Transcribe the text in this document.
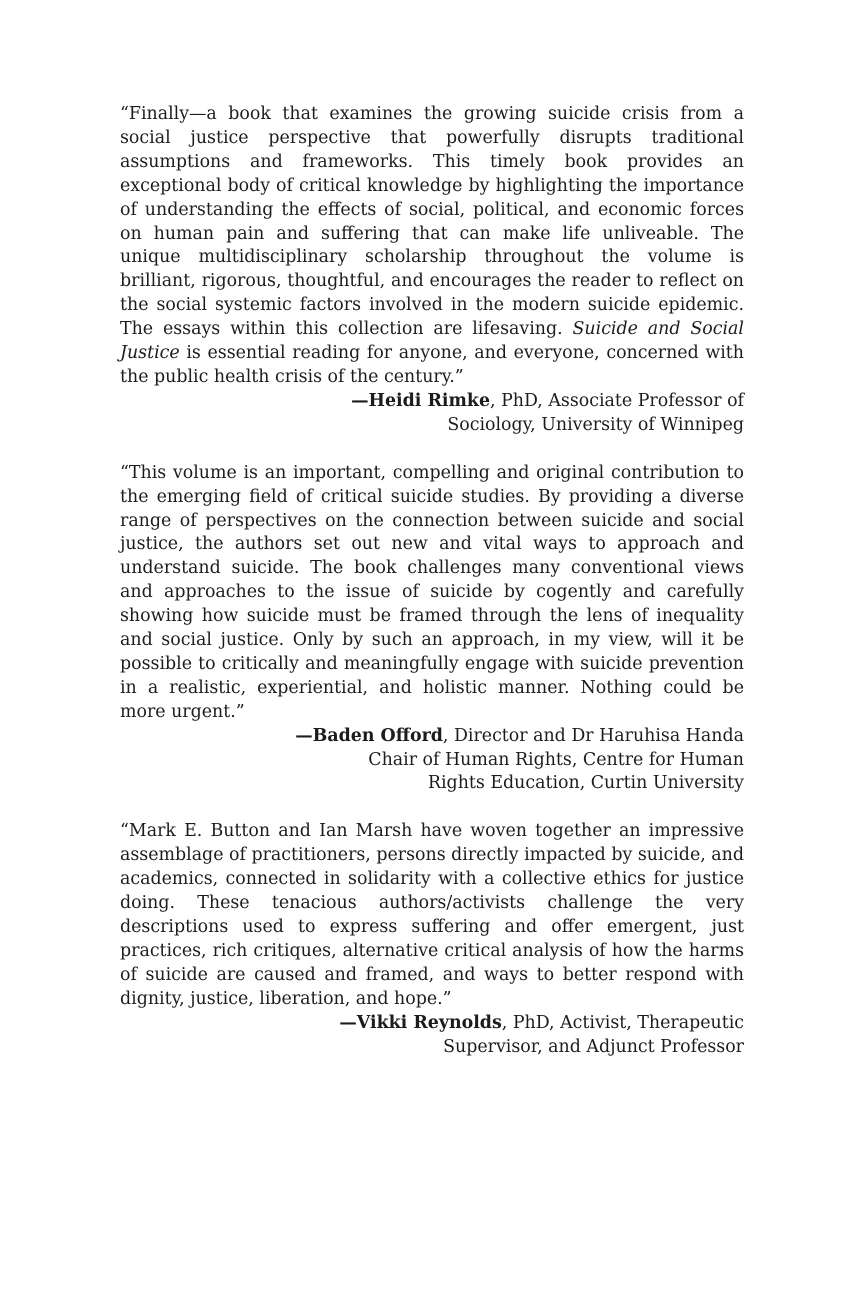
“Finally—a book that examines the growing suicide crisis from a social justice perspective that powerfully disrupts traditional assumptions and frameworks. This timely book provides an exceptional body of critical knowledge by highlighting the importance of understanding the effects of social, political, and economic forces on human pain and suffering that can make life unliveable. The unique multidisciplinary scholarship throughout the volume is brilliant, rigorous, thoughtful, and encourages the reader to reflect on the social systemic factors involved in the modern suicide epidemic. The essays within this collection are lifesaving. Suicide and Social Justice is essential reading for anyone, and everyone, concerned with the public health crisis of the century.”

—Heidi Rimke, PhD, Associate Professor of
Sociology, University of Winnipeg

“This volume is an important, compelling and original contribution to the emerging field of critical suicide studies. By providing a diverse range of perspectives on the connection between suicide and social justice, the authors set out new and vital ways to approach and understand suicide. The book challenges many conventional views and approaches to the issue of suicide by cogently and carefully showing how suicide must be framed through the lens of inequality and social justice. Only by such an approach, in my view, will it be possible to critically and meaningfully engage with suicide prevention in a realistic, experiential, and holistic manner. Nothing could be more urgent.”

—Baden Offord, Director and Dr Haruhisa Handa
Chair of Human Rights, Centre for Human
Rights Education, Curtin University

“Mark E. Button and Ian Marsh have woven together an impressive assemblage of practitioners, persons directly impacted by suicide, and academics, connected in solidarity with a collective ethics for justice doing. These tenacious authors/activists challenge the very descriptions used to express suffering and offer emergent, just practices, rich critiques, alternative critical analysis of how the harms of suicide are caused and framed, and ways to better respond with dignity, justice, liberation, and hope.”

—Vikki Reynolds, PhD, Activist, Therapeutic
Supervisor, and Adjunct Professor
